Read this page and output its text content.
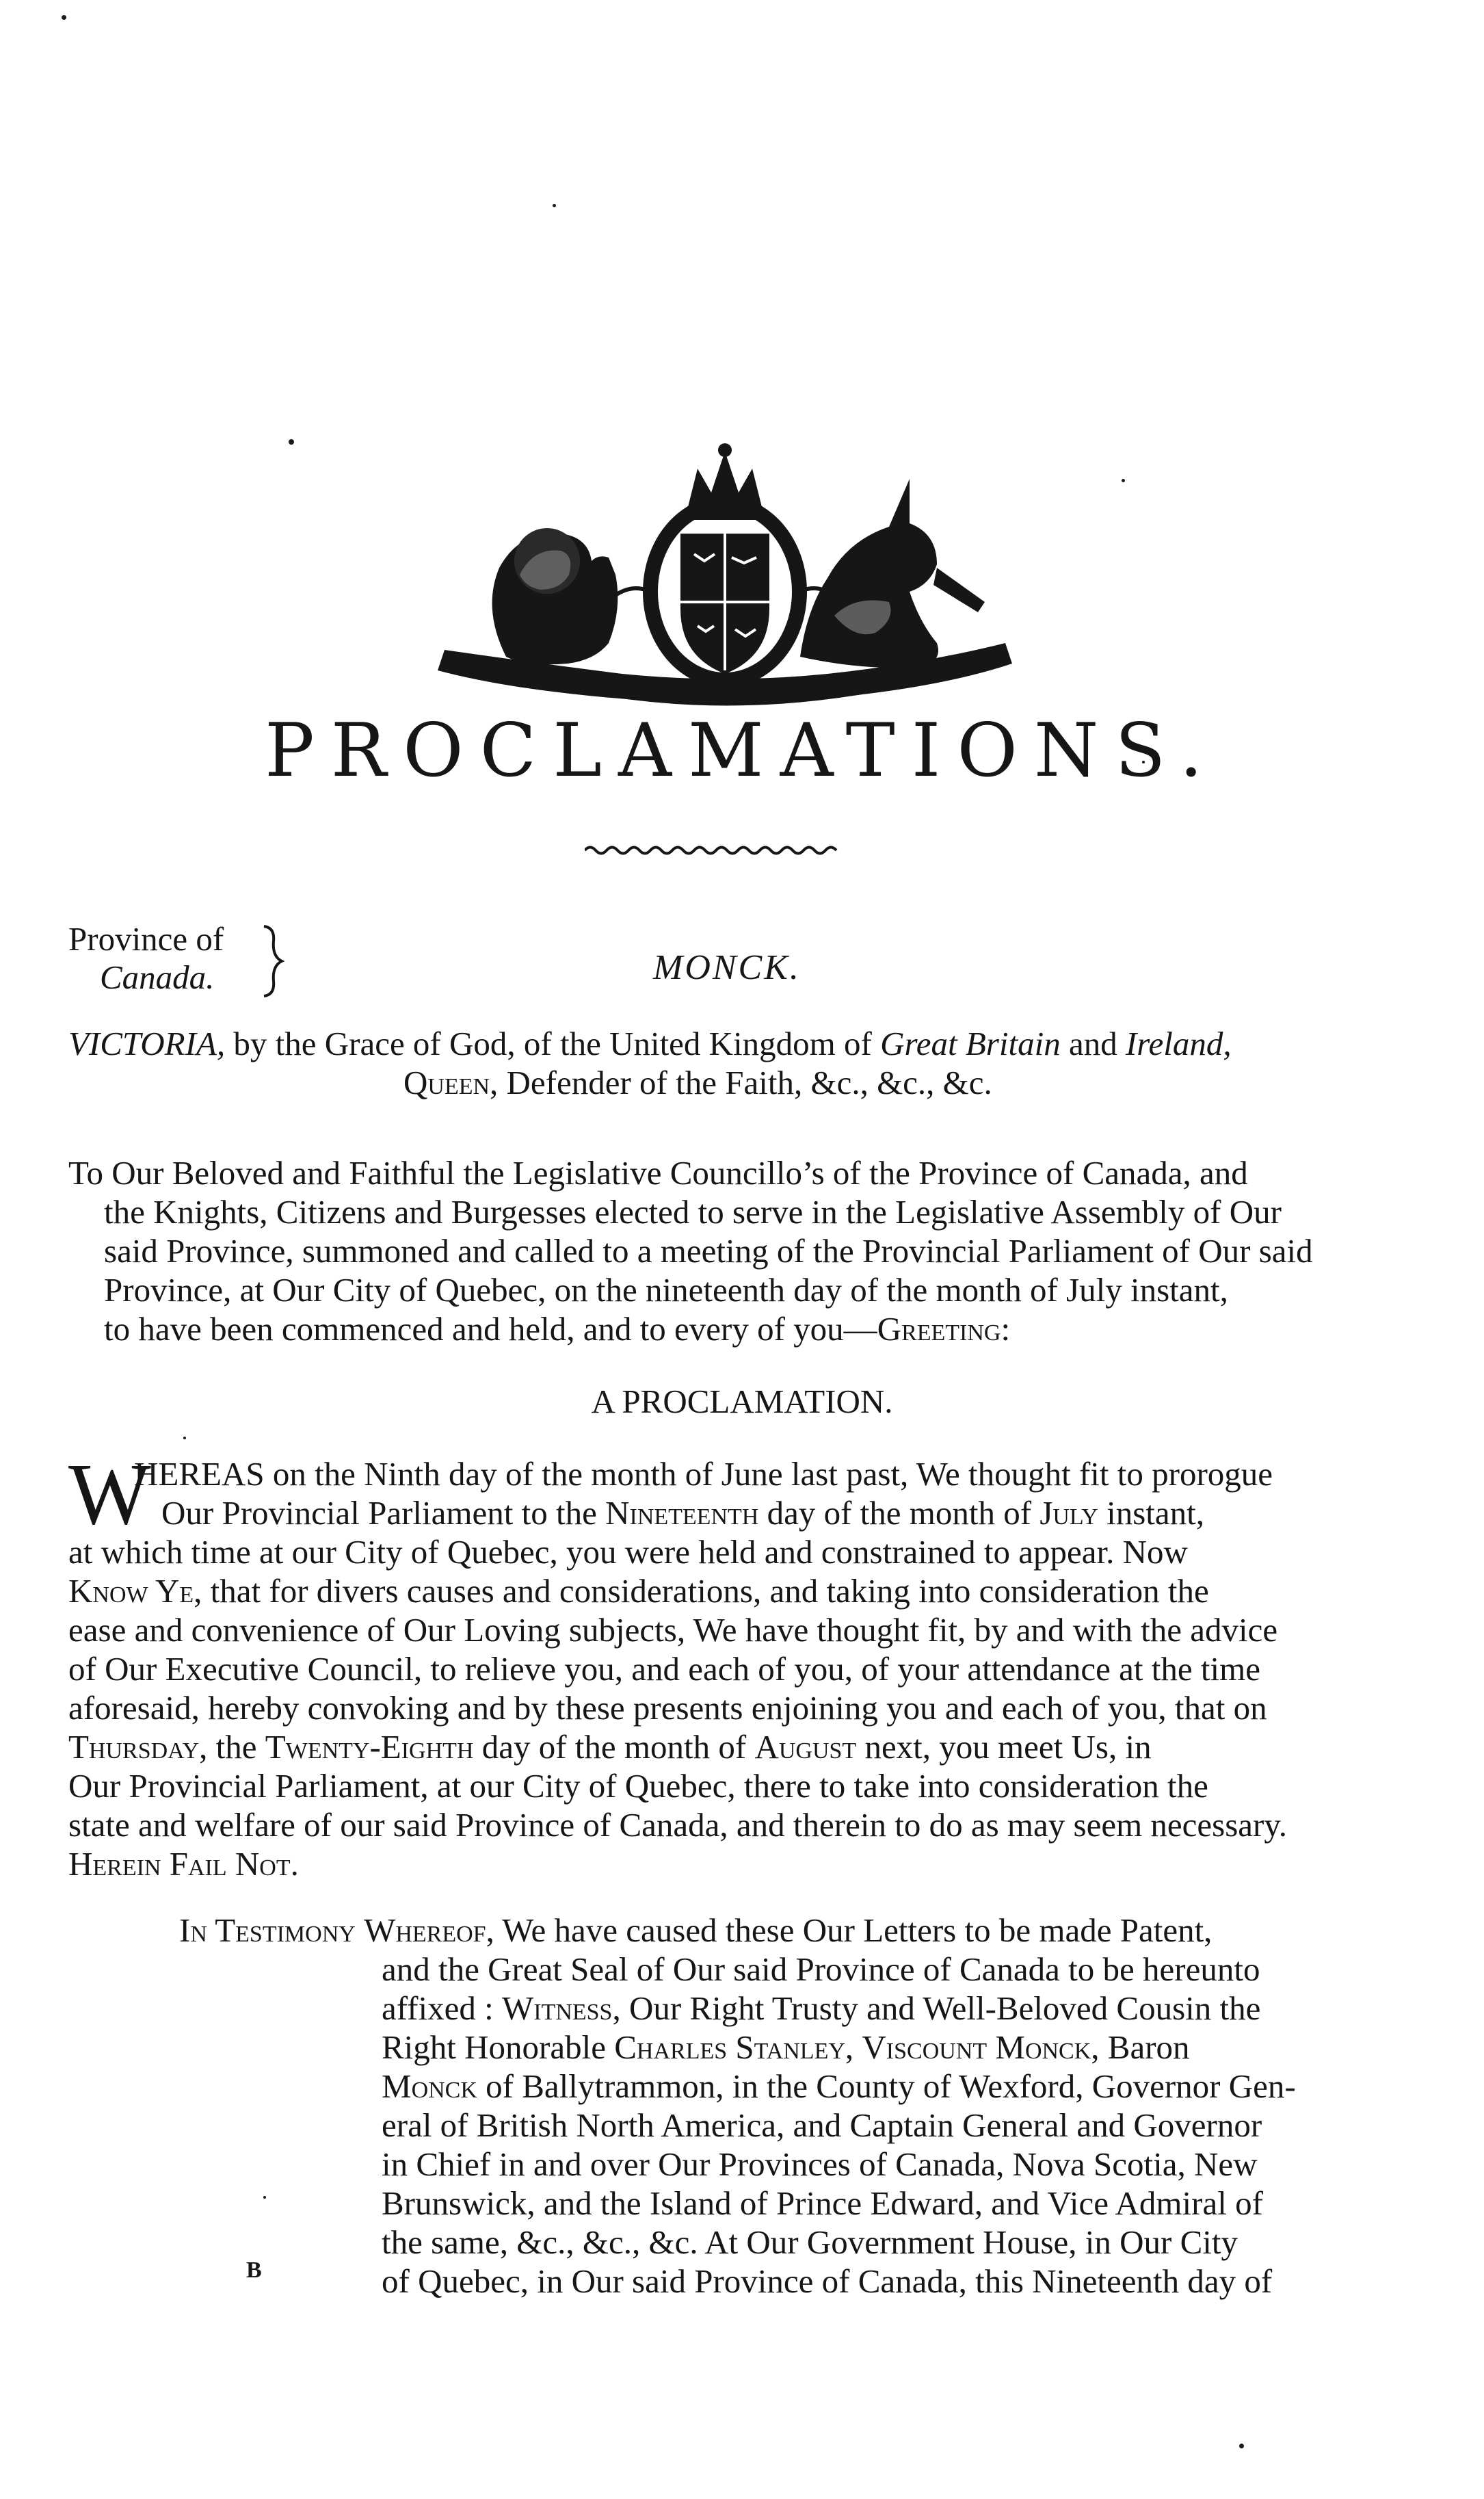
PROCLAMATIONS.
Province of
Canada.	MONCK.
VICTORIA, by the Grace of God, of the United Kingdom of Great Britain and Ireland,
Queen, Defender of the Faith, &c., &c., &c.
To Our Beloved and Faithful the Legislative Councillo’s of the Province of Canada, and
the Knights, Citizens and Burgesses elected to serve in the Legislative Assembly of Our
said Province, summoned and called to a meeting of the Provincial Parliament of Our said
Province, at Our City of Quebec, on the nineteenth day of the month of July instant,
to have been commenced and held, and to every of you—Greeting:
A PROCLAMATION.
W
HEREAS on the Ninth day of the month of June last past, We thought fit to prorogue
Our Provincial Parliament to the Nineteenth day of the month of July instant,
at which time at our City of Quebec, you were held and constrained to appear. Now
Know Ye, that for divers causes and considerations, and taking into consideration the
ease and convenience of Our Loving subjects, We have thought fit, by and with the advice
of Our Executive Council, to relieve you, and each of you, of your attendance at the time
aforesaid, hereby convoking and by these presents enjoining you and each of you, that on
Thursday, the Twenty-Eighth day of the month of August next, you meet Us, in
Our Provincial Parliament, at our City of Quebec, there to take into consideration the
state and welfare of our said Province of Canada, and therein to do as may seem necessary.
Herein Fail Not.
In Testimony Whereof, We have caused these Our Letters to be made Patent,
and the Great Seal of Our said Province of Canada to be hereunto
affixed : Witness, Our Right Trusty and Well-Beloved Cousin the
Right Honorable Charles Stanley, Viscount Monck, Baron
Monck of Ballytrammon, in the County of Wexford, Governor Gen-
eral of British North America, and Captain General and Governor
in Chief in and over Our Provinces of Canada, Nova Scotia, New
Brunswick, and the Island of Prince Edward, and Vice Admiral of
the same, &c., &c., &c. At Our Government House, in Our City
of Quebec, in Our said Province of Canada, this Nineteenth day of
B
